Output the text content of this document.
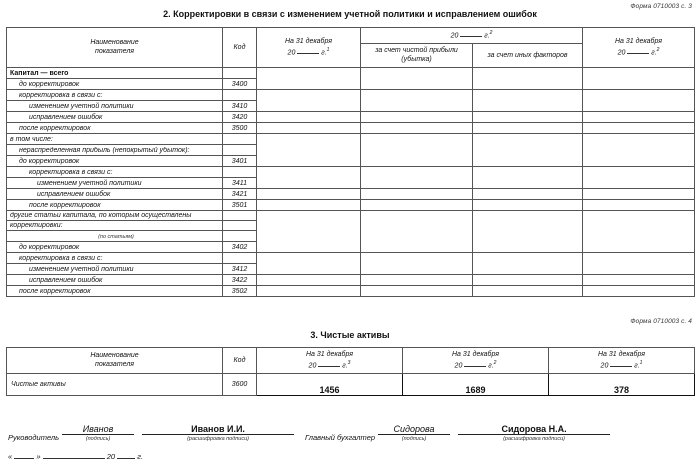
Форма 0710003 с. 3
2. Корректировки в связи с изменением учетной политики и исправлением ошибок
Наименование
показателя
	Код	
На 31 декабря
20	г.$^1$
	20	г.$^2$	
На 31 декабря
20	г.$^2$

			за счет чистой прибыли
(убытка)	за счет иных факторов	
Капитал — всего					
до корректировок	3400				
корректировка в связи с:					
изменением учетной политики	3410				
исправлением ошибок	3420				
после корректировок	3500				
в том числе:					

нераспределенная прибыль (непокрытый убыток):					

до корректировок	3401				
корректировка в связи с:					
изменением учетной политики	3411				
исправлением ошибок	3421				
после корректировок	3501				

другие статьи капитала, по которым осуществлены					

корректировки:					

(по статьям)					

до корректировок	3402				
корректировка в связи с:					
изменением учетной политики	3412				
исправлением ошибок	3422				
после корректировок	3502				
Форма 0710003 с. 4
3. Чистые активы
Наименование
показателя
	Код	
На 31 декабря
20	г.$^3$

На 31 декабря
20	г.$^2$

На 31 декабря
20	г.$^1$

Чистые активы	3600	1456	1689	378
Руководитель
Иванов
(подпись)
Иванов И.И.
(расшифровка подписи)	Главный бухгалтер
Сидорова
(подпись)
Сидорова Н.А.
(расшифровка подписи)
«	»	20	г.
